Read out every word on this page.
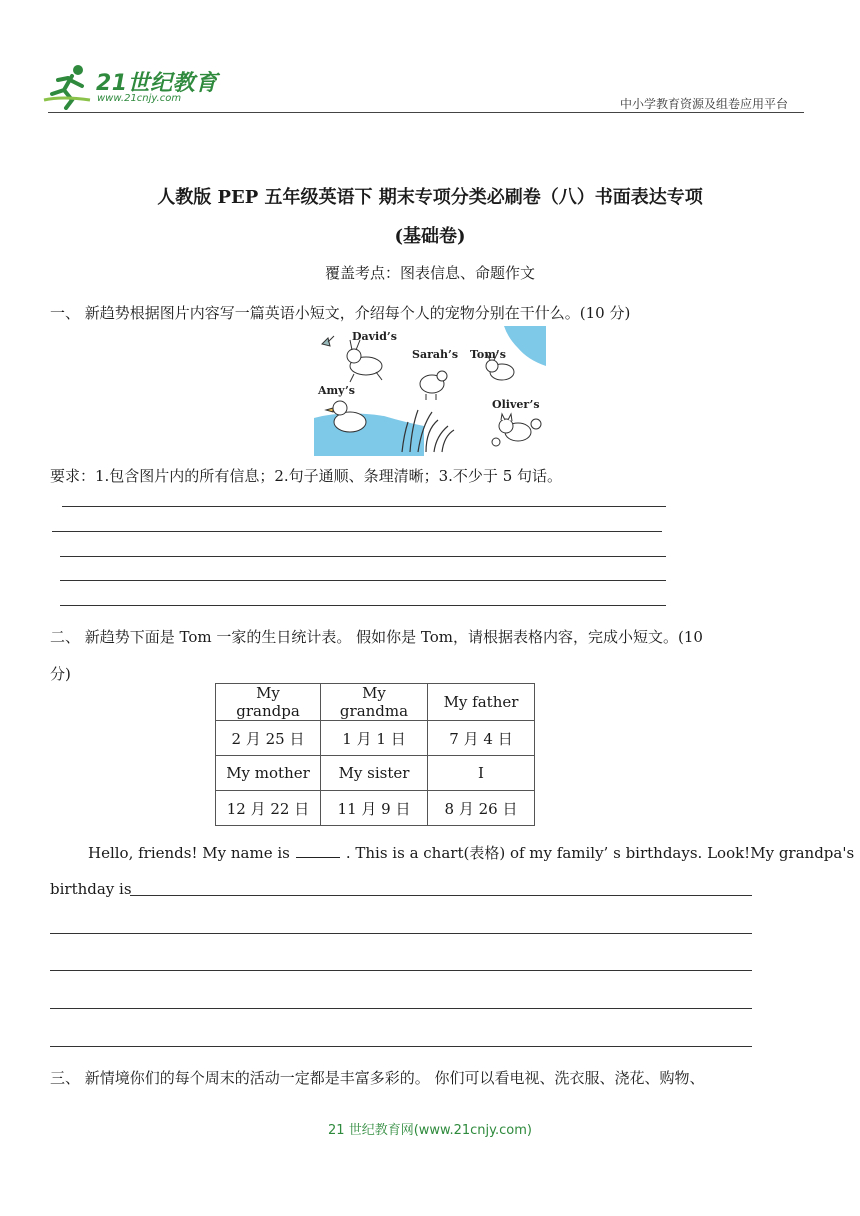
21世纪教育
www.21cnjy.com	中小学教育资源及组卷应用平台
人教版 PEP 五年级英语下 期末专项分类必刷卷（八）书面表达专项
(基础卷)
覆盖考点：图表信息、命题作文
一、 新趋势根据图片内容写一篇英语小短文，介绍每个人的宠物分别在干什么。(10 分)
David’s
Sarah’s Tom’s
Amy’s
Oliver’s
要求：1.包含图片内的所有信息；2.句子通顺、条理清晰；3.不少于 5 句话。
二、 新趋势下面是 Tom 一家的生日统计表。 假如你是 Tom，请根据表格内容，完成小短文。(10
分)
My grandpa	My grandma	My father
2 月 25 日	1 月 1 日	7 月 4 日
My mother	My sister	I
12 月 22 日	11 月 9 日	8 月 26 日
Hello, friends! My name is	. This is a chart(表格) of my family’ s birthdays. Look!My grandpa's
birthday is
三、 新情境你们的每个周末的活动一定都是丰富多彩的。 你们可以看电视、洗衣服、浇花、购物、
21 世纪教育网(www.21cnjy.com)
